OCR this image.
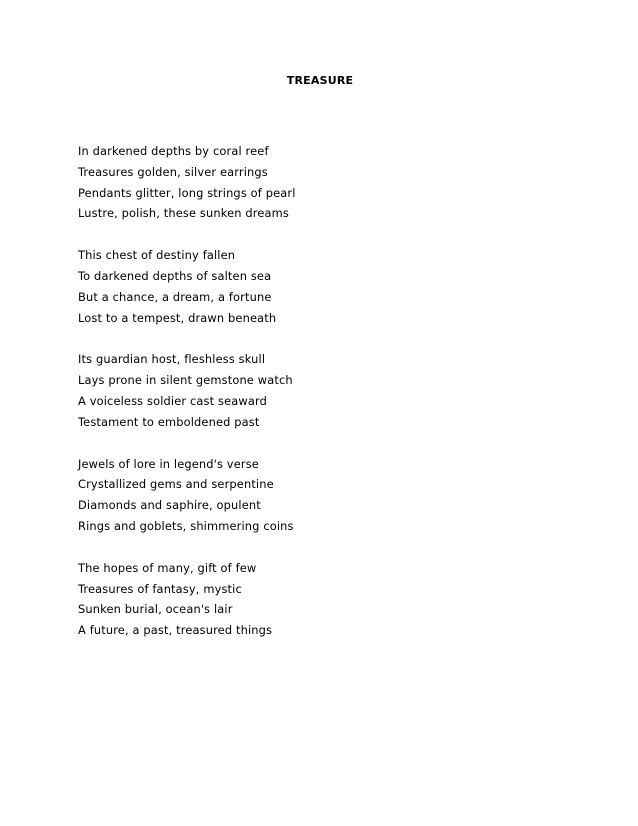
TREASURE
In darkened depths by coral reef
Treasures golden, silver earrings
Pendants glitter, long strings of pearl
Lustre, polish, these sunken dreams
This chest of destiny fallen
To darkened depths of salten sea
But a chance, a dream, a fortune
Lost to a tempest, drawn beneath
Its guardian host, fleshless skull
Lays prone in silent gemstone watch
A voiceless soldier cast seaward
Testament to emboldened past
Jewels of lore in legend's verse
Crystallized gems and serpentine
Diamonds and saphire, opulent
Rings and goblets, shimmering coins
The hopes of many, gift of few
Treasures of fantasy, mystic
Sunken burial, ocean's lair
A future, a past, treasured things
